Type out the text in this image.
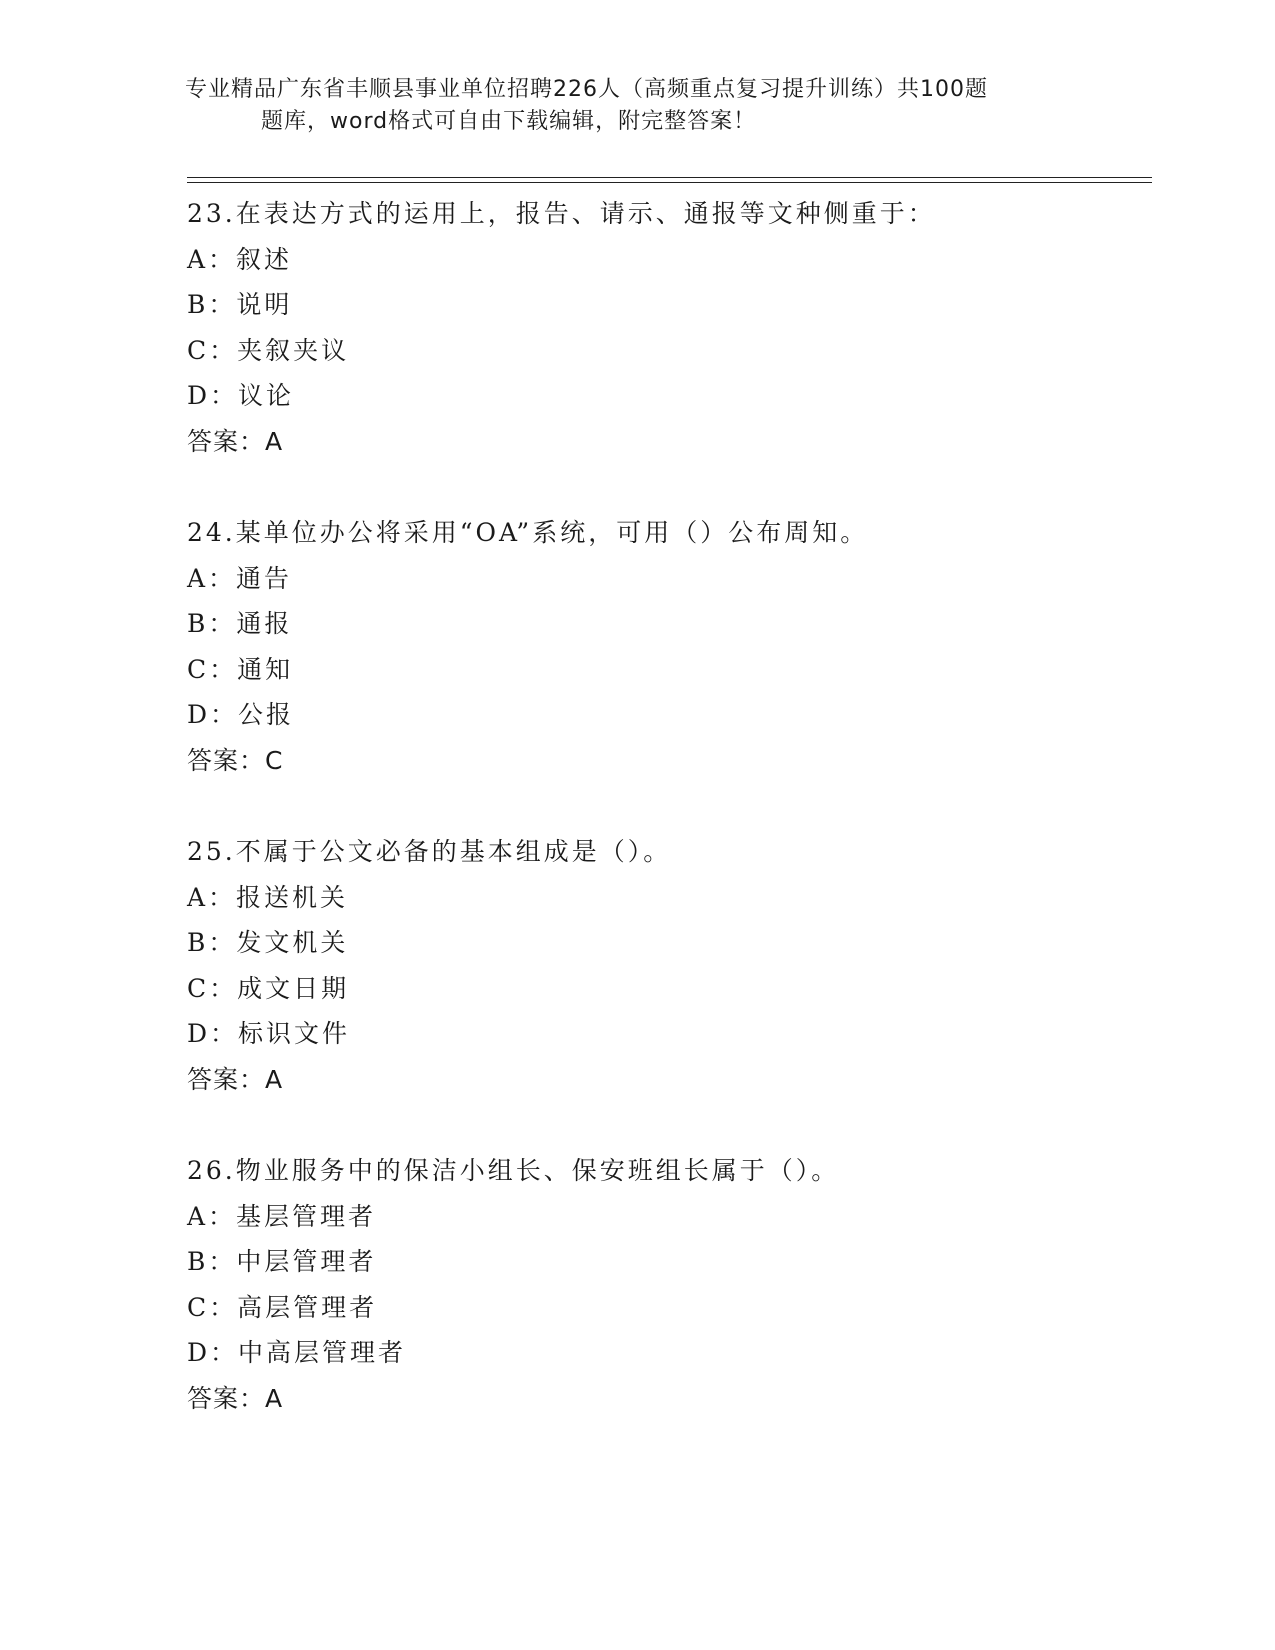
专业精品广东省丰顺县事业单位招聘226人（高频重点复习提升训练）共100题
题库，word格式可自由下载编辑，附完整答案！
23.在表达方式的运用上，报告、请示、通报等文种侧重于：
A：叙述
B：说明
C：夹叙夹议
D：议论
答案：A
24.某单位办公将采用“OA”系统，可用（）公布周知。
A：通告
B：通报
C：通知
D：公报
答案：C
25.不属于公文必备的基本组成是（）。
A：报送机关
B：发文机关
C：成文日期
D：标识文件
答案：A
26.物业服务中的保洁小组长、保安班组长属于（）。
A：基层管理者
B：中层管理者
C：高层管理者
D：中高层管理者
答案：A
